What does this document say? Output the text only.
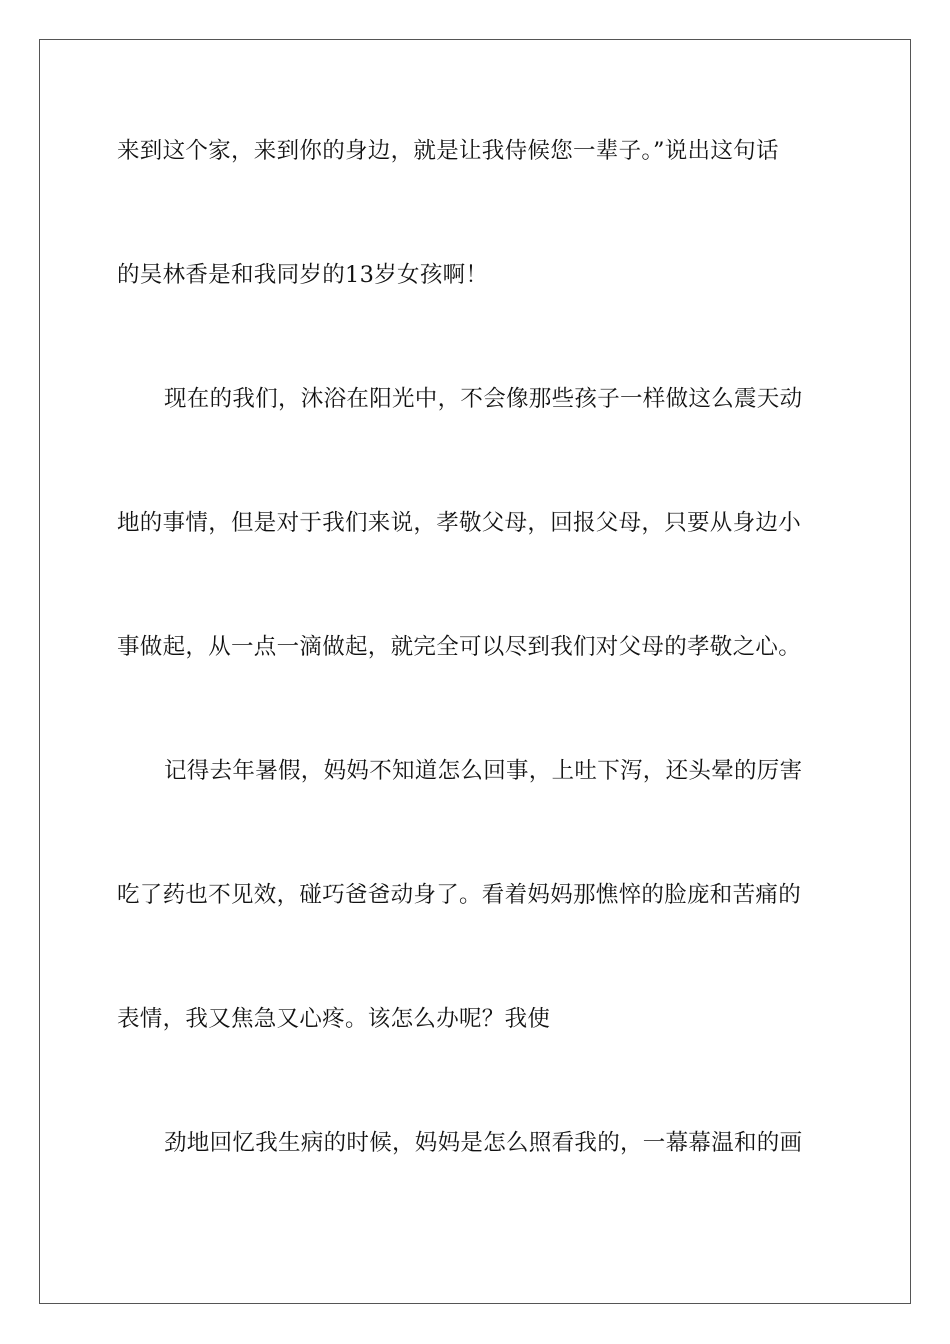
来到这个家，来到你的身边，就是让我侍候您一辈子。”说出这句话
的吴林香是和我同岁的13岁女孩啊！
现在的我们，沐浴在阳光中，不会像那些孩子一样做这么震天动
地的事情，但是对于我们来说，孝敬父母，回报父母，只要从身边小
事做起，从一点一滴做起，就完全可以尽到我们对父母的孝敬之心。
记得去年暑假，妈妈不知道怎么回事，上吐下泻，还头晕的厉害
吃了药也不见效，碰巧爸爸动身了。看着妈妈那憔悴的脸庞和苦痛的
表情，我又焦急又心疼。该怎么办呢？我使
劲地回忆我生病的时候，妈妈是怎么照看我的，一幕幕温和的画
